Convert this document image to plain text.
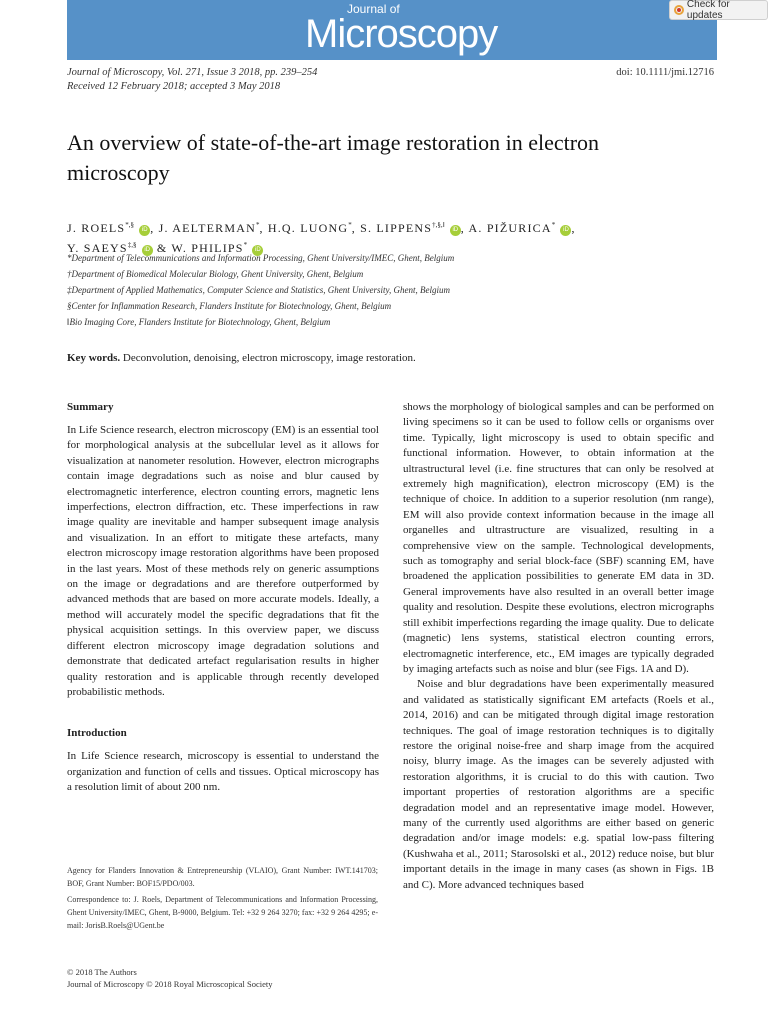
Journal of
Microscopy
Check for updates
Journal of Microscopy, Vol. 271, Issue 3 2018, pp. 239–254
Received 12 February 2018; accepted 3 May 2018
doi: 10.1111/jmi.12716
An overview of state-of-the-art image restoration in electron microscopy
J. ROELS*,§ iD , J. AELTERMAN*, H.Q. LUONG*, S. LIPPENS†,§,‖ iD , A. PIŽURICA* iD ,
Y. SAEYS‡,§ iD & W. PHILIPS* iD
*Department of Telecommunications and Information Processing, Ghent University/IMEC, Ghent, Belgium
†Department of Biomedical Molecular Biology, Ghent University, Ghent, Belgium
‡Department of Applied Mathematics, Computer Science and Statistics, Ghent University, Ghent, Belgium
§Center for Inflammation Research, Flanders Institute for Biotechnology, Ghent, Belgium
‖Bio Imaging Core, Flanders Institute for Biotechnology, Ghent, Belgium
Key words. Deconvolution, denoising, electron microscopy, image restoration.
Summary

In Life Science research, electron microscopy (EM) is an essential tool for morphological analysis at the subcellular level as it allows for visualization at nanometer resolution. However, electron micrographs contain image degradations such as noise and blur caused by electromagnetic interference, electron counting errors, magnetic lens imperfections, electron diffraction, etc. These imperfections in raw image quality are inevitable and hamper subsequent image analysis and visualization. In an effort to mitigate these artefacts, many electron microscopy image restoration algorithms have been proposed in the last years. Most of these methods rely on generic assumptions on the image or degradations and are therefore outperformed by advanced methods that are based on more accurate models. Ideally, a method will accurately model the specific degradations that fit the physical acquisition settings. In this overview paper, we discuss different electron microscopy image degradation solutions and demonstrate that dedicated artefact regularisation results in higher quality restoration and is applicable through recently developed probabilistic methods.

Introduction

In Life Science research, microscopy is essential to understand the organization and function of cells and tissues. Optical microscopy has a resolution limit of about 200 nm.

Agency for Flanders Innovation & Entrepreneurship (VLAIO), Grant Number: IWT.141703; BOF, Grant Number: BOF15/PDO/003.

Correspondence to: J. Roels, Department of Telecommunications and Information Processing, Ghent University/IMEC, Ghent, B-9000, Belgium. Tel: +32 9 264 3270; fax: +32 9 264 4295; e-mail: JorisB.Roels@UGent.be

shows the morphology of biological samples and can be performed on living specimens so it can be used to follow cells or organisms over time. Typically, light microscopy is used to obtain specific and functional information. However, to obtain information at the ultrastructural level (i.e. fine structures that can only be resolved at extremely high magnification), electron microscopy (EM) is the technique of choice. In addition to a superior resolution (nm range), EM will also provide context information because in the image all organelles and ultrastructure are visualized, resulting in a comprehensive view on the sample. Technological developments, such as tomography and serial block-face (SBF) scanning EM, have broadened the application possibilities to generate EM data in 3D. General improvements have also resulted in an overall better image quality and resolution. Despite these evolutions, electron micrographs still exhibit imperfections regarding the image quality. Due to delicate (magnetic) lens systems, statistical electron counting errors, electromagnetic interference, etc., EM images are typically degraded by imaging artefacts such as noise and blur (see Figs. 1A and D).

Noise and blur degradations have been experimentally measured and validated as statistically significant EM artefacts (Roels et al., 2014, 2016) and can be mitigated through digital image restoration techniques. The goal of image restoration techniques is to digitally restore the original noise-free and sharp image from the acquired noisy, blurry image. As the images can be severely adjusted with restoration algorithms, it is crucial to do this with caution. Two important properties of restoration algorithms are a specific degradation model and an representative image model. However, many of the currently used algorithms are either based on generic degradation and/or image models: e.g. spatial low-pass filtering (Kushwaha et al., 2011; Starosolski et al., 2012) reduce noise, but blur important details in the image in many cases (as shown in Figs. 1B and C). More advanced techniques based

© 2018 The Authors
Journal of Microscopy © 2018 Royal Microscopical Society
